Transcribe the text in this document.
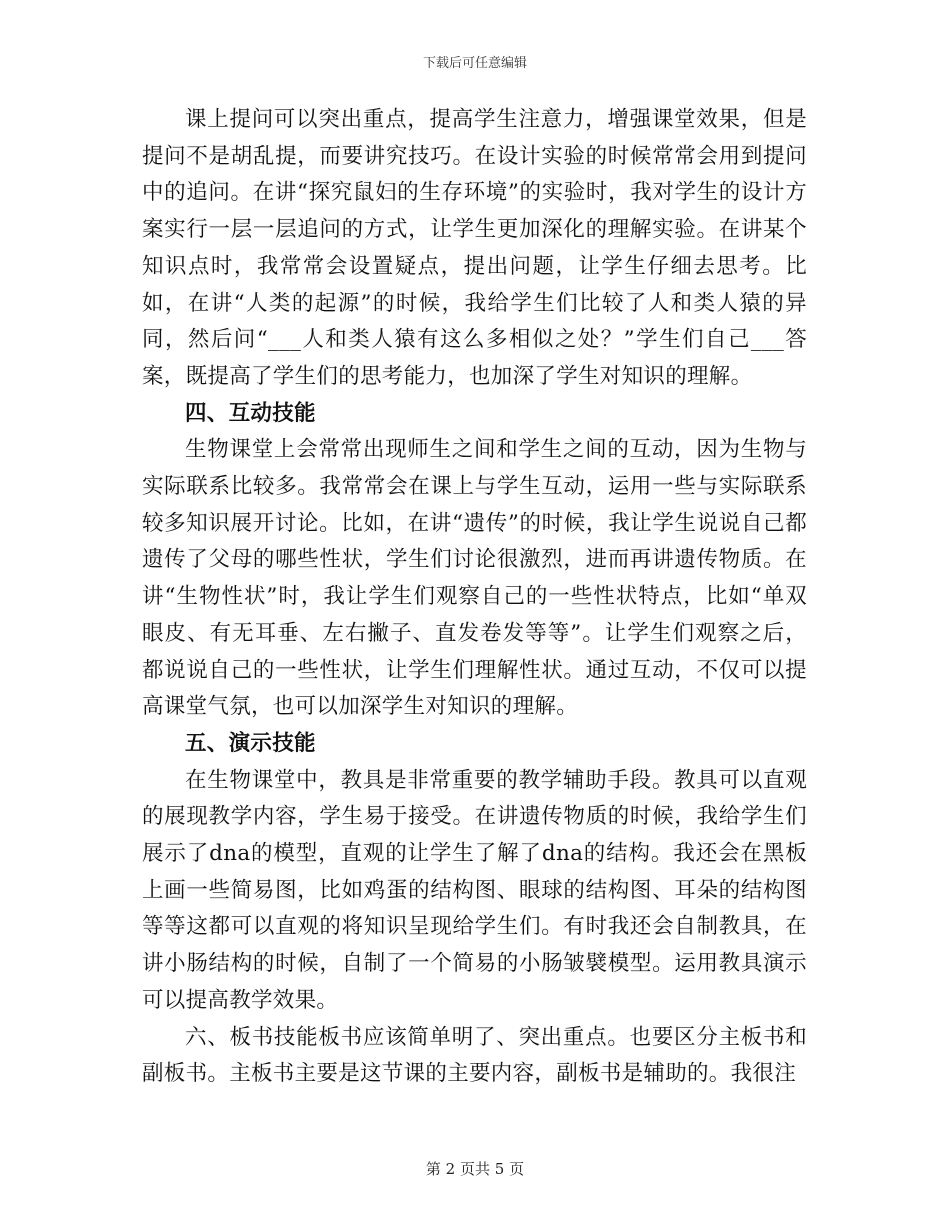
下载后可任意编辑

课上提问可以突出重点，提高学生注意力，增强课堂效果，但是提问不是胡乱提，而要讲究技巧。在设计实验的时候常常会用到提问中的追问。在讲“探究鼠妇的生存环境”的实验时，我对学生的设计方案实行一层一层追问的方式，让学生更加深化的理解实验。在讲某个知识点时，我常常会设置疑点，提出问题，让学生仔细去思考。比如，在讲“人类的起源”的时候，我给学生们比较了人和类人猿的异同，然后问“___人和类人猿有这么多相似之处？”学生们自己___答案，既提高了学生们的思考能力，也加深了学生对知识的理解。

四、互动技能

生物课堂上会常常出现师生之间和学生之间的互动，因为生物与实际联系比较多。我常常会在课上与学生互动，运用一些与实际联系较多知识展开讨论。比如，在讲“遗传”的时候，我让学生说说自己都遗传了父母的哪些性状，学生们讨论很激烈，进而再讲遗传物质。在讲“生物性状”时，我让学生们观察自己的一些性状特点，比如“单双眼皮、有无耳垂、左右撇子、直发卷发等等”。让学生们观察之后，都说说自己的一些性状，让学生们理解性状。通过互动，不仅可以提高课堂气氛，也可以加深学生对知识的理解。

五、演示技能

在生物课堂中，教具是非常重要的教学辅助手段。教具可以直观的展现教学内容，学生易于接受。在讲遗传物质的时候，我给学生们展示了dna的模型，直观的让学生了解了dna的结构。我还会在黑板上画一些简易图，比如鸡蛋的结构图、眼球的结构图、耳朵的结构图等等这都可以直观的将知识呈现给学生们。有时我还会自制教具，在讲小肠结构的时候，自制了一个简易的小肠皱襞模型。运用教具演示可以提高教学效果。

六、板书技能板书应该简单明了、突出重点。也要区分主板书和副板书。主板书主要是这节课的主要内容，副板书是辅助的。我很注

第 2 页共 5 页
